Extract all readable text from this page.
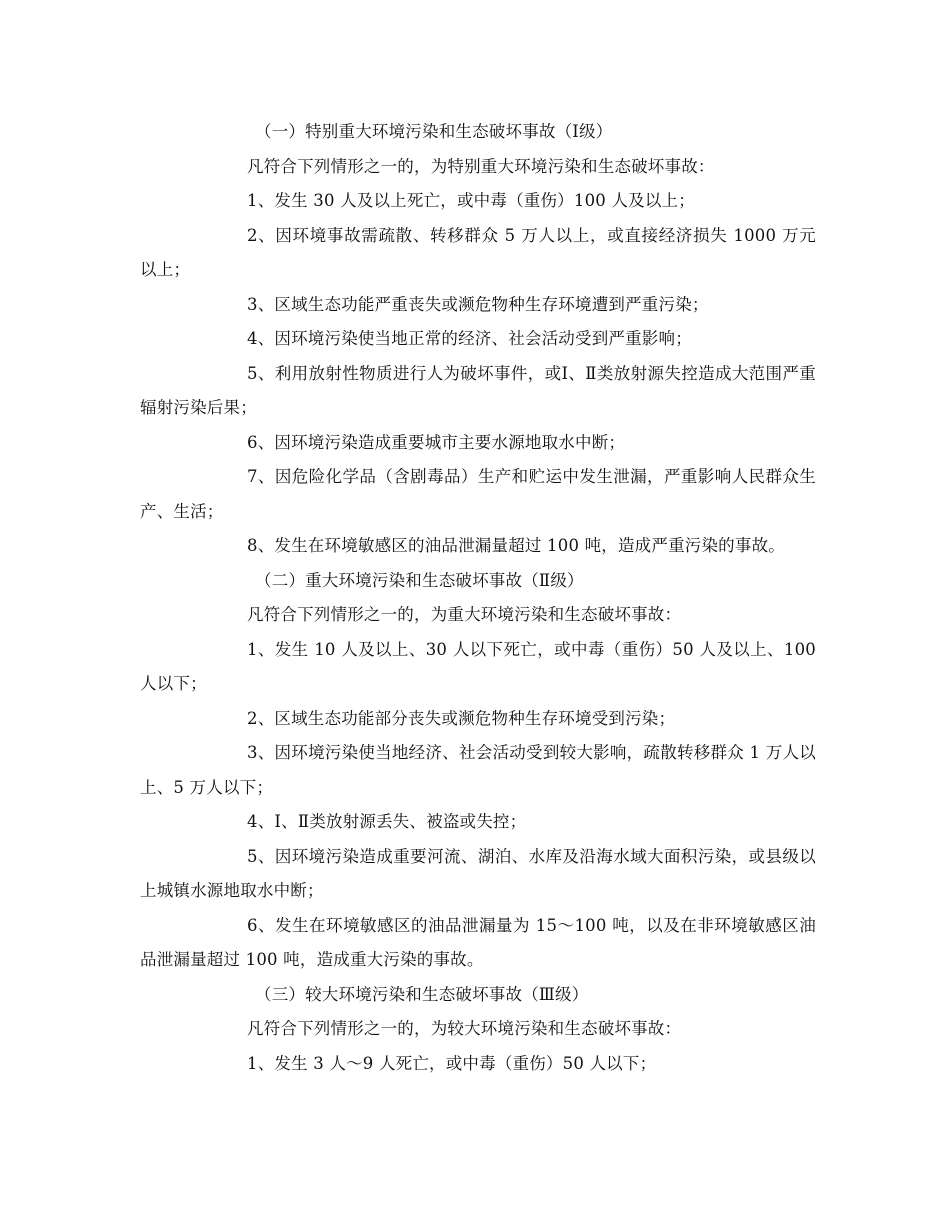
（一）特别重大环境污染和生态破坏事故（Ⅰ级）

凡符合下列情形之一的，为特别重大环境污染和生态破坏事故：

1、发生 30 人及以上死亡，或中毒（重伤）100 人及以上；

2、因环境事故需疏散、转移群众 5 万人以上，或直接经济损失 1000 万元以上；

3、区域生态功能严重丧失或濒危物种生存环境遭到严重污染；

4、因环境污染使当地正常的经济、社会活动受到严重影响；

5、利用放射性物质进行人为破坏事件，或Ⅰ、Ⅱ类放射源失控造成大范围严重辐射污染后果；

6、因环境污染造成重要城市主要水源地取水中断；

7、因危险化学品（含剧毒品）生产和贮运中发生泄漏，严重影响人民群众生产、生活；

8、发生在环境敏感区的油品泄漏量超过 100 吨，造成严重污染的事故。

（二）重大环境污染和生态破坏事故（Ⅱ级）

凡符合下列情形之一的，为重大环境污染和生态破坏事故：

1、发生 10 人及以上、30 人以下死亡，或中毒（重伤）50 人及以上、100 人以下；

2、区域生态功能部分丧失或濒危物种生存环境受到污染；

3、因环境污染使当地经济、社会活动受到较大影响，疏散转移群众 1 万人以上、5 万人以下；

4、Ⅰ、Ⅱ类放射源丢失、被盗或失控；

5、因环境污染造成重要河流、湖泊、水库及沿海水域大面积污染，或县级以上城镇水源地取水中断；

6、发生在环境敏感区的油品泄漏量为 15～100 吨，以及在非环境敏感区油品泄漏量超过 100 吨，造成重大污染的事故。

（三）较大环境污染和生态破坏事故（Ⅲ级）

凡符合下列情形之一的，为较大环境污染和生态破坏事故：

1、发生 3 人～9 人死亡，或中毒（重伤）50 人以下；
